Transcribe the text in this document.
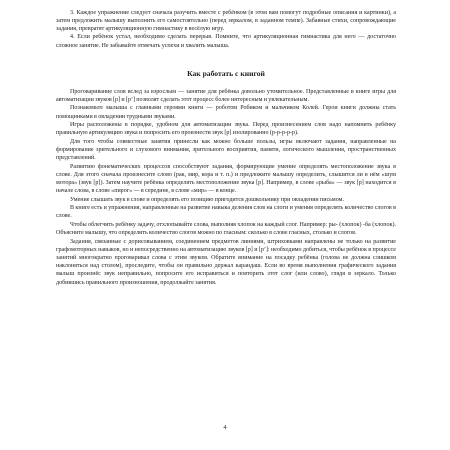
3. Каждое упражнение следует сначала разучить вместе с ребёнком (в этом вам помогут подробные описания и картинки), а затем предложить малышу выполнить его самостоятельно (перед зеркалом, в заданном темпе). Забавные стихи, сопровождающие задания, превратят артикуляционную гимнастику в весёлую игру.

4. Если ребёнок устал, необходимо сделать перерыв. Помните, что артикуляционная гимнастика для него — достаточно сложное занятие. Не забывайте отмечать успехи и хвалить малыша.

Как работать с книгой

Проговаривание слов вслед за взрослым — занятие для ребёнка довольно утомительное. Представленные в книге игры для автоматизации звуков [р] и [р’] позволят сделать этот процесс более интересным и увлекательным.

Познакомьте малыша с главными героями книги — роботом Робиком и мальчиком Колей. Герои книги должны стать помощниками в овладении трудными звуками.

Игры расположены в порядке, удобном для автоматизации звука. Перед произнесением слов надо напомнить ребёнку правильную артикуляцию звука и попросить его произнести звук [р] изолированно (р-р-р-р-р).

Для того чтобы совместные занятия принесли как можно больше пользы, игры включают задания, направленные на формирование зрительного и слухового внимания, зрительного восприятия, памяти, логического мышления, пространственных представлений.

Развитию фонематических процессов способствуют задания, формирующие умение определять местоположение звука в слове. Для этого сначала произнесите слово (рак, мир, кора и т. п.) и предложите малышу определить, слышится ли в нём «шум мотора» (звук [р]). Затем научите ребёнка определять местоположение звука [р]. Например, в слове «рыба» — звук [р] находится в начале слова, в слове «пирог» — в середине, в слове «мир» — в конце.

Умение слышать звук в слове и определять его позицию пригодится дошкольнику при овладении письмом.

В книге есть и упражнения, направленные на развитие навыка деления слов на слоги и умения определять количество слогов в слове.

Чтобы облегчить ребёнку задачу, отхлопывайте слова, выполняя хлопок на каждый слог. Например: ры- (хлопок) -ба (хлопок). Объясните малышу, что определить количество слогов можно по гласным: сколько в слове гласных, столько и слогов.

Задания, связанные с дорисовыванием, соединением предметов линиями, штриховками направлены не только на развитие графомоторных навыков, но и непосредственно на автоматизацию звуков [р] и [р’]: необходимо добиться, чтобы ребёнок в процессе занятий многократно проговаривал слова с этим звуком. Обратите внимание на посадку ребёнка (голова не должна слишком наклоняться над столом), проследите, чтобы он правильно держал карандаш. Если во время выполнения графического задания малыш произнёс звук неправильно, попросите его исправиться и повторить этот слог (или слово), глядя в зеркало. Только добившись правильного произношения, продолжайте занятия.

4
